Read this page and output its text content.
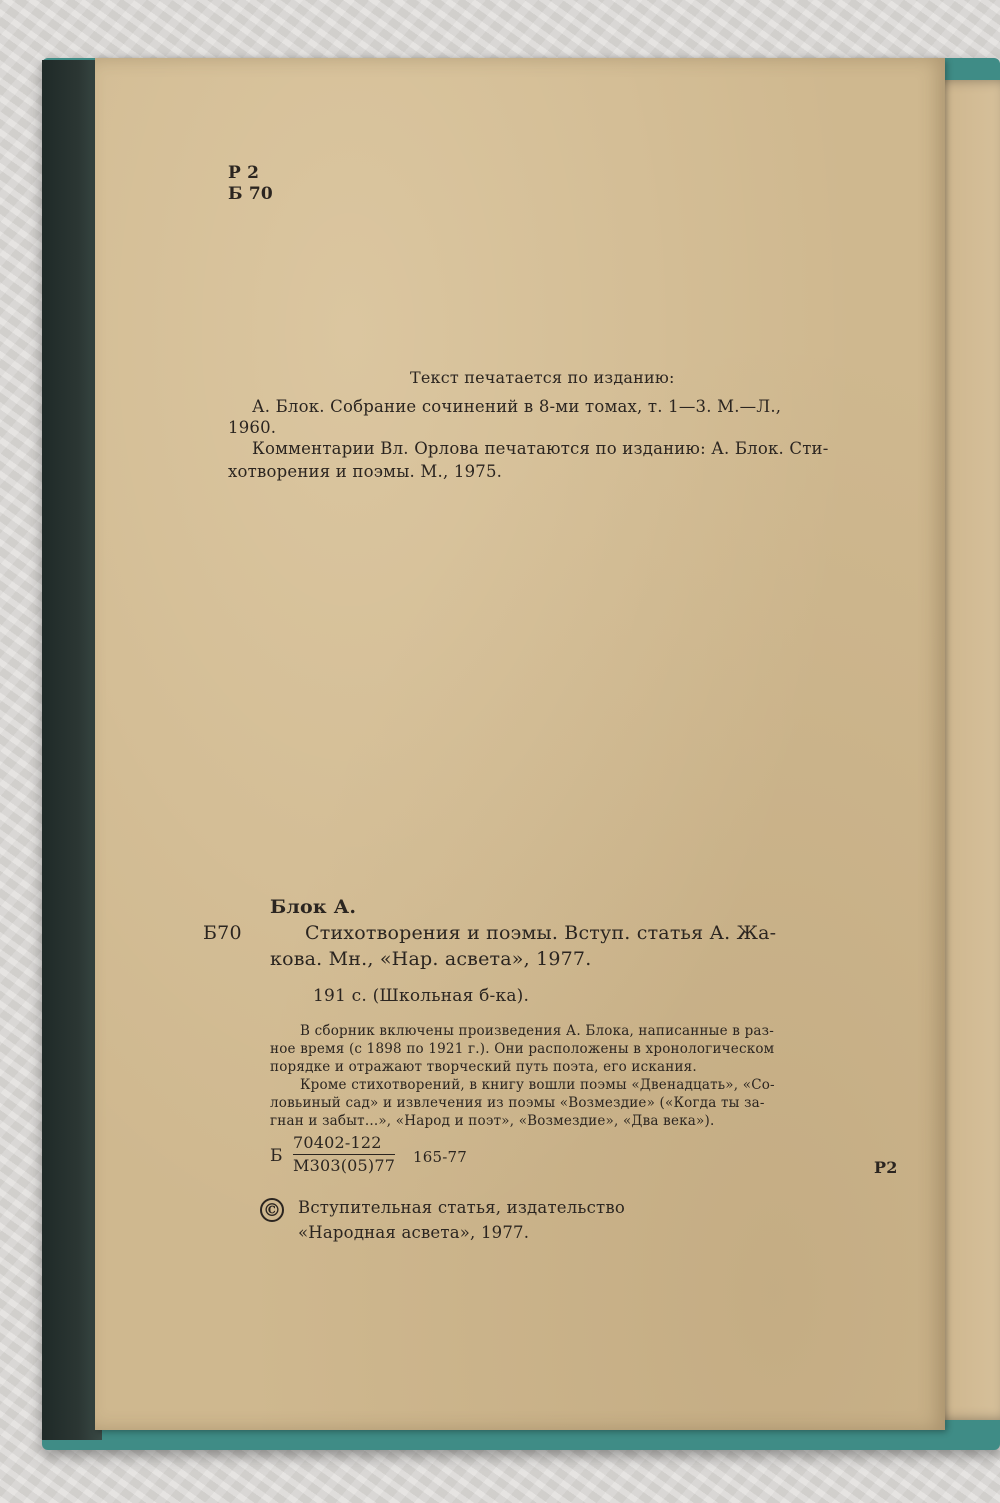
Р 2
Б 70
Текст печатается по изданию:
А. Блок. Собрание сочинений в 8-ми томах, т. 1—3. М.—Л.,
1960.
Комментарии Вл. Орлова печатаются по изданию: А. Блок. Сти-
хотворения и поэмы. М., 1975.
Блок А.
Б70	Стихотворения и поэмы. Вступ. статья А. Жа-
кова. Мн., «Нар. асвета», 1977.
191 с. (Школьная б-ка).
В сборник включены произведения А. Блока, написанные в раз-
ное время (с 1898 по 1921 г.). Они расположены в хронологическом
порядке и отражают творческий путь поэта, его искания.
Кроме стихотворений, в книгу вошли поэмы «Двенадцать», «Со-
ловьиный сад» и извлечения из поэмы «Возмездие» («Когда ты за-
гнан и забыт...», «Народ и поэт», «Возмездие», «Два века»).
Б
70402-122
М303(05)77 165-77
Р2
© Вступительная статья, издательство
«Народная асвета», 1977.
